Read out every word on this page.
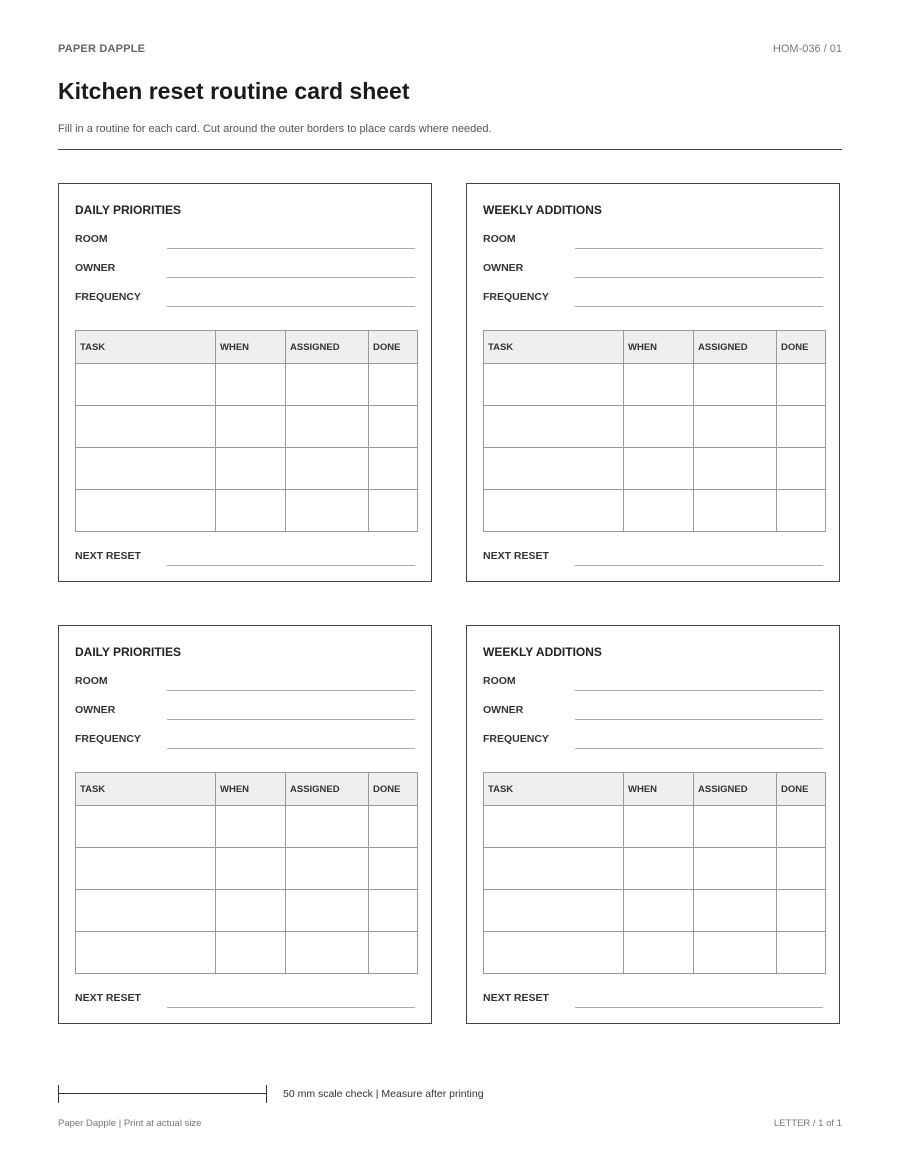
PAPER DAPPLE	HOM-036 / 01
Kitchen reset routine card sheet
Fill in a routine for each card. Cut around the outer borders to place cards where needed.
DAILY PRIORITIES
ROOM
OWNER
FREQUENCY
TASK	WHEN	ASSIGNED	DONE

NEXT RESET
WEEKLY ADDITIONS
ROOM
OWNER
FREQUENCY
TASK	WHEN	ASSIGNED	DONE

NEXT RESET
DAILY PRIORITIES
ROOM
OWNER
FREQUENCY
TASK	WHEN	ASSIGNED	DONE

NEXT RESET
WEEKLY ADDITIONS
ROOM
OWNER
FREQUENCY
TASK	WHEN	ASSIGNED	DONE

NEXT RESET
50 mm scale check | Measure after printing
Paper Dapple | Print at actual size	LETTER / 1 of 1
